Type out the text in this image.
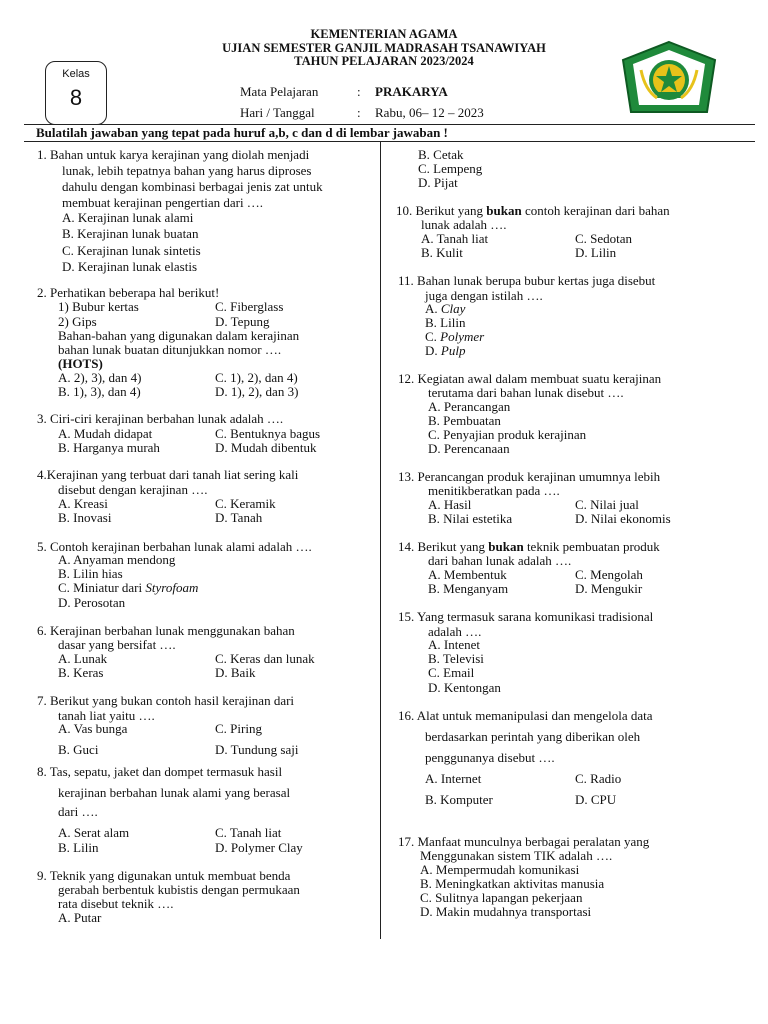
KEMENTERIAN AGAMA
UJIAN SEMESTER GANJIL MADRASAH TSANAWIYAH
TAHUN PELAJARAN 2023/2024
Kelas
8	Mata Pelajaran	: PRAKARYA
Hari / Tanggal	: Rabu, 06– 12 – 2023
Bulatilah jawaban yang tepat pada huruf a,b, c dan d di lembar jawaban !
1. Bahan untuk karya kerajinan yang diolah menjadi
lunak, lebih tepatnya bahan yang harus diproses
dahulu dengan kombinasi berbagai jenis zat untuk
membuat kerajinan pengertian dari ….
A. Kerajinan lunak alami
B. Kerajinan lunak buatan
C. Kerajinan lunak sintetis
D. Kerajinan lunak elastis
2. Perhatikan beberapa hal berikut!
1) Bubur kertas	C. Fiberglass
2) Gips	D. Tepung
Bahan-bahan yang digunakan dalam kerajinan
bahan lunak buatan ditunjukkan nomor ….
(HOTS)
A. 2), 3), dan 4)	C. 1), 2), dan 4)
B. 1), 3), dan 4)	D. 1), 2), dan 3)
3. Ciri-ciri kerajinan berbahan lunak adalah ….
A. Mudah didapat	C. Bentuknya bagus
B. Harganya murah	D. Mudah dibentuk
4.Kerajinan yang terbuat dari tanah liat sering kali
disebut dengan kerajinan ….
A. Kreasi	C. Keramik
B. Inovasi	D. Tanah
5. Contoh kerajinan berbahan lunak alami adalah ….
A. Anyaman mendong
B. Lilin hias
C. Miniatur dari Styrofoam
D. Perosotan
6. Kerajinan berbahan lunak menggunakan bahan
dasar yang bersifat ….
A. Lunak	C. Keras dan lunak
B. Keras	D. Baik
7. Berikut yang bukan contoh hasil kerajinan dari
tanah liat yaitu ….
A. Vas bunga	C. Piring
B. Guci	D. Tundung saji
8. Tas, sepatu, jaket dan dompet termasuk hasil
kerajinan berbahan lunak alami yang berasal
dari ….
A. Serat alam	C. Tanah liat
B. Lilin	D. Polymer Clay
9. Teknik yang digunakan untuk membuat benda
gerabah berbentuk kubistis dengan permukaan
rata disebut teknik ….
A. Putar
B. Cetak
C. Lempeng
D. Pijat
10. Berikut yang bukan contoh kerajinan dari bahan
lunak adalah ….
A. Tanah liat	C. Sedotan
B. Kulit	D. Lilin
11. Bahan lunak berupa bubur kertas juga disebut
juga dengan istilah ….
A. Clay
B. Lilin
C. Polymer
D. Pulp
12. Kegiatan awal dalam membuat suatu kerajinan
terutama dari bahan lunak disebut ….
A. Perancangan
B. Pembuatan
C. Penyajian produk kerajinan
D. Perencanaan
13. Perancangan produk kerajinan umumnya lebih
menitikberatkan pada ….
A. Hasil	C. Nilai jual
B. Nilai estetika	D. Nilai ekonomis
14. Berikut yang bukan teknik pembuatan produk
dari bahan lunak adalah ….
A. Membentuk	C. Mengolah
B. Menganyam	D. Mengukir
15. Yang termasuk sarana komunikasi tradisional
adalah ….
A. Intenet
B. Televisi
C. Email
D. Kentongan
16. Alat untuk memanipulasi dan mengelola data
berdasarkan perintah yang diberikan oleh
penggunanya disebut ….
A. Internet	C. Radio
B. Komputer	D. CPU
17. Manfaat munculnya berbagai peralatan yang
Menggunakan sistem TIK adalah ….
A. Mempermudah komunikasi
B. Meningkatkan aktivitas manusia
C. Sulitnya lapangan pekerjaan
D. Makin mudahnya transportasi
